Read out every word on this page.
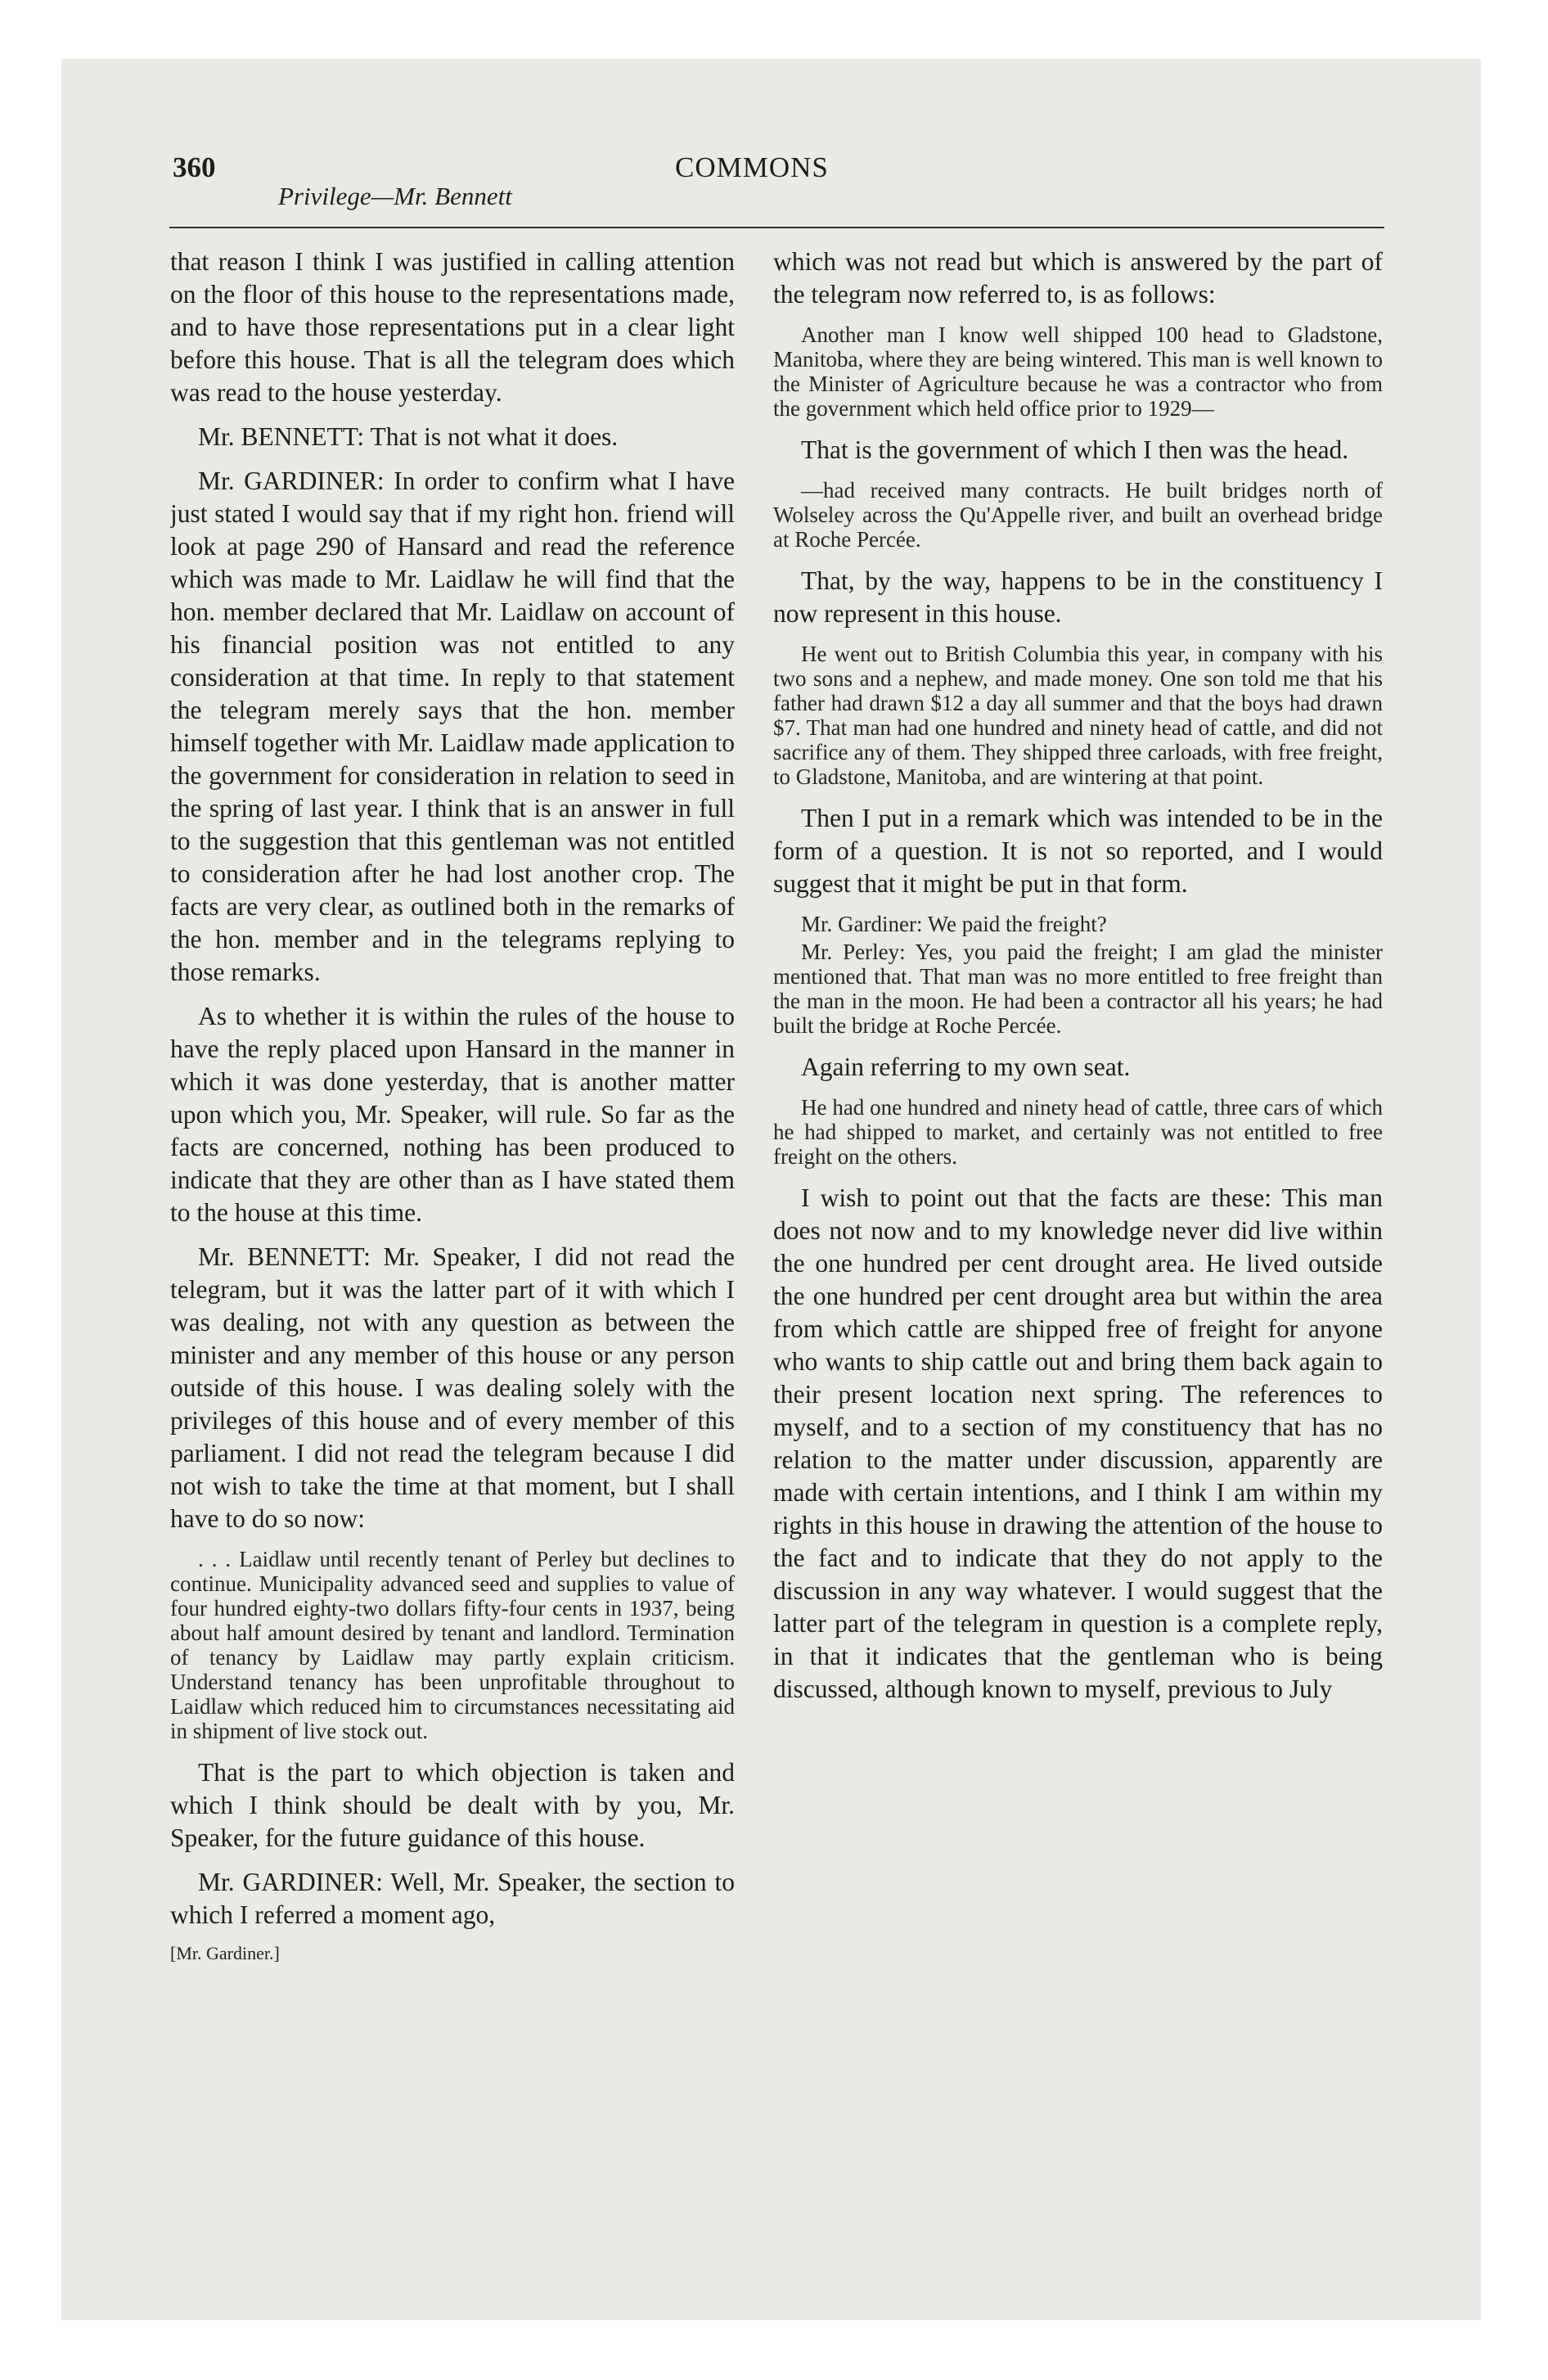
360	COMMONS
Privilege—Mr. Bennett

that reason I think I was justified in calling attention on the floor of this house to the representations made, and to have those representations put in a clear light before this house. That is all the telegram does which was read to the house yesterday.

Mr. BENNETT: That is not what it does.

Mr. GARDINER: In order to confirm what I have just stated I would say that if my right hon. friend will look at page 290 of Hansard and read the reference which was made to Mr. Laidlaw he will find that the hon. member declared that Mr. Laidlaw on account of his financial position was not entitled to any consideration at that time. In reply to that statement the telegram merely says that the hon. member himself together with Mr. Laidlaw made application to the government for consideration in relation to seed in the spring of last year. I think that is an answer in full to the suggestion that this gentleman was not entitled to consideration after he had lost another crop. The facts are very clear, as outlined both in the remarks of the hon. member and in the telegrams replying to those remarks.

As to whether it is within the rules of the house to have the reply placed upon Hansard in the manner in which it was done yesterday, that is another matter upon which you, Mr. Speaker, will rule. So far as the facts are concerned, nothing has been produced to indicate that they are other than as I have stated them to the house at this time.

Mr. BENNETT: Mr. Speaker, I did not read the telegram, but it was the latter part of it with which I was dealing, not with any question as between the minister and any member of this house or any person outside of this house. I was dealing solely with the privileges of this house and of every member of this parliament. I did not read the telegram because I did not wish to take the time at that moment, but I shall have to do so now:

. . . Laidlaw until recently tenant of Perley but declines to continue. Municipality advanced seed and supplies to value of four hundred eighty-two dollars fifty-four cents in 1937, being about half amount desired by tenant and landlord. Termination of tenancy by Laidlaw may partly explain criticism. Understand tenancy has been unprofitable throughout to Laidlaw which reduced him to circumstances necessitating aid in shipment of live stock out.

That is the part to which objection is taken and which I think should be dealt with by you, Mr. Speaker, for the future guidance of this house.

Mr. GARDINER: Well, Mr. Speaker, the section to which I referred a moment ago,

[Mr. Gardiner.]

which was not read but which is answered by the part of the telegram now referred to, is as follows:

Another man I know well shipped 100 head to Gladstone, Manitoba, where they are being wintered. This man is well known to the Minister of Agriculture because he was a contractor who from the government which held office prior to 1929—

That is the government of which I then was the head.

—had received many contracts. He built bridges north of Wolseley across the Qu'Appelle river, and built an overhead bridge at Roche Percée.

That, by the way, happens to be in the constituency I now represent in this house.

He went out to British Columbia this year, in company with his two sons and a nephew, and made money. One son told me that his father had drawn $12 a day all summer and that the boys had drawn $7. That man had one hundred and ninety head of cattle, and did not sacrifice any of them. They shipped three carloads, with free freight, to Gladstone, Manitoba, and are wintering at that point.

Then I put in a remark which was intended to be in the form of a question. It is not so reported, and I would suggest that it might be put in that form.

Mr. Gardiner: We paid the freight?

Mr. Perley: Yes, you paid the freight; I am glad the minister mentioned that. That man was no more entitled to free freight than the man in the moon. He had been a contractor all his years; he had built the bridge at Roche Percée.

Again referring to my own seat.

He had one hundred and ninety head of cattle, three cars of which he had shipped to market, and certainly was not entitled to free freight on the others.

I wish to point out that the facts are these: This man does not now and to my knowledge never did live within the one hundred per cent drought area. He lived outside the one hundred per cent drought area but within the area from which cattle are shipped free of freight for anyone who wants to ship cattle out and bring them back again to their present location next spring. The references to myself, and to a section of my constituency that has no relation to the matter under discussion, apparently are made with certain intentions, and I think I am within my rights in this house in drawing the attention of the house to the fact and to indicate that they do not apply to the discussion in any way whatever. I would suggest that the latter part of the telegram in question is a complete reply, in that it indicates that the gentleman who is being discussed, although known to myself, previous to July
